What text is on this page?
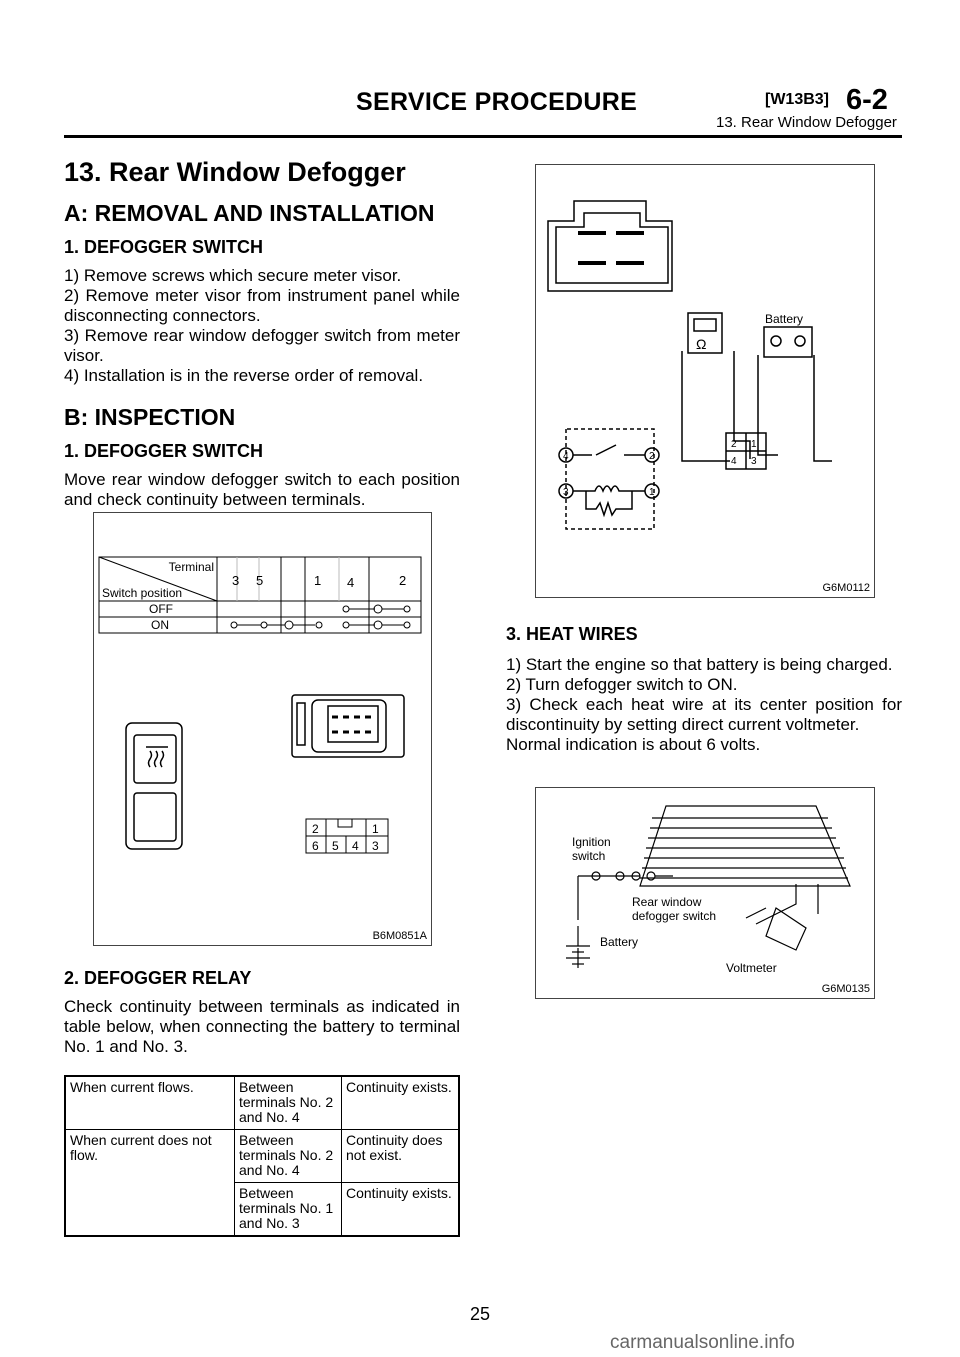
SERVICE PROCEDURE	[W13B3] 6-2
13. Rear Window Defogger
13. Rear Window Defogger
A: REMOVAL AND INSTALLATION
1. DEFOGGER SWITCH

1) Remove screws which secure meter visor.

2) Remove meter visor from instrument panel while disconnecting connectors.

3) Remove rear window defogger switch from meter visor.

4) Installation is in the reverse order of removal.

B: INSPECTION
1. DEFOGGER SWITCH

Move rear window defogger switch to each position and check continuity between terminals.

Terminal
Switch position
3 5	1 4	2
OFF
ON
2	1
6 5 4 3
B6M0851A
2. DEFOGGER RELAY

Check continuity between terminals as indicated in table below, when connecting the battery to terminal No. 1 and No. 3.

When current flows.	Between terminals No. 2 and No. 4	Continuity exists.
When current does not flow.	Between terminals No. 2 and No. 4	Continuity does not exist.
	Between terminals No. 1 and No. 3	Continuity exists.
Battery
Ω
2 1
4 3
4	2
3	1
G6M0112
3. HEAT WIRES

1) Start the engine so that battery is being charged.

2) Turn defogger switch to ON.

3) Check each heat wire at its center position for discontinuity by setting direct current voltmeter.

Normal indication is about 6 volts.

Ignition
switch
Rear window
defogger switch
Battery
Voltmeter
G6M0135
25
carmanualsonline.info
